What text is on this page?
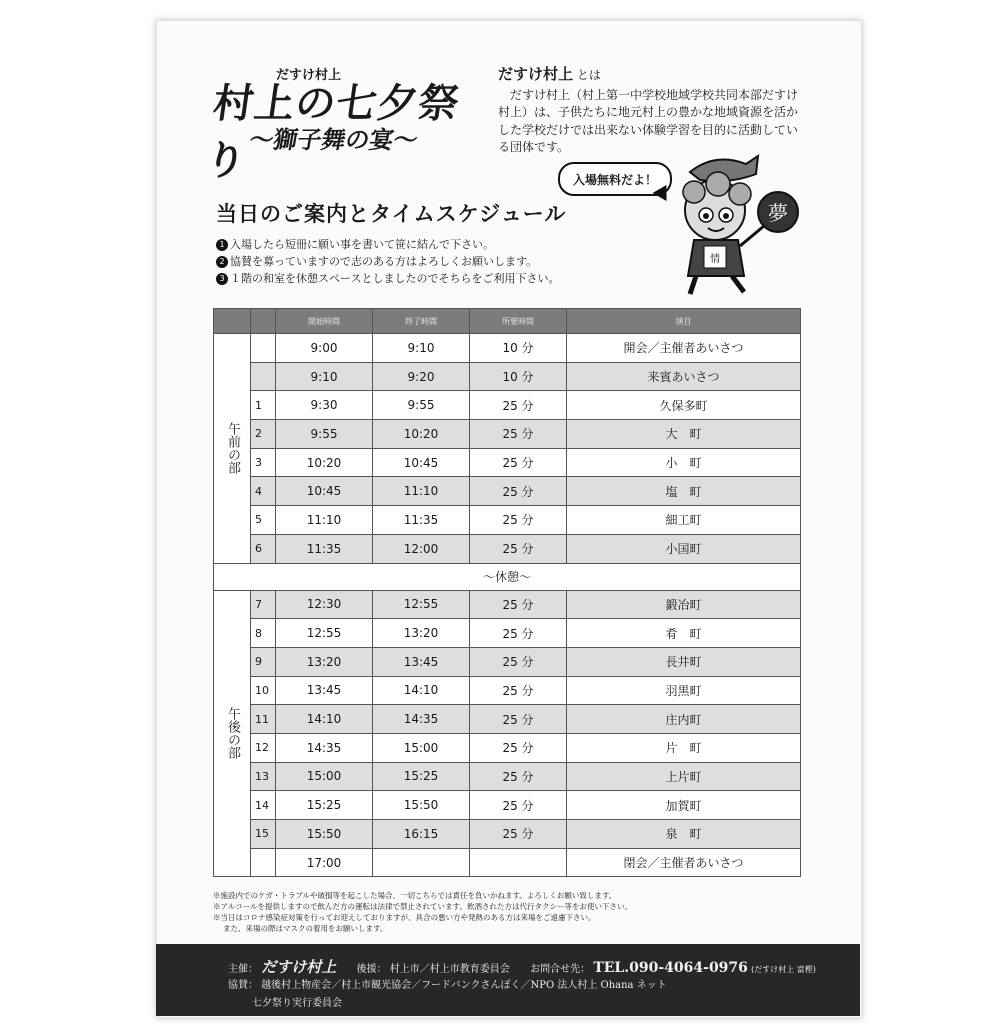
だすけ村上
村上の七夕祭り
〜獅子舞の宴〜
だすけ村上 とは
だすけ村上（村上第一中学校地域学校共同本部だすけ村上）は、子供たちに地元村上の豊かな地域資源を活かした学校だけでは出来ない体験学習を目的に活動している団体です。
入場無料だよ！
情
夢
当日のご案内とタイムスケジュール
1 入場したら短冊に願い事を書いて笹に結んで下さい。
2 協賛を募っていますので志のある方はよろしくお願いします。
3 １階の和室を休憩スペースとしましたのでそちらをご利用下さい。
		開始時間	終了時間	所要時間	演目
午前の部		9:00	9:10	10 分	開会／主催者あいさつ
		9:10	9:20	10 分	来賓あいさつ
	1	9:30	9:55	25 分	久保多町
	2	9:55	10:20	25 分	大　町
	3	10:20	10:45	25 分	小　町
	4	10:45	11:10	25 分	塩　町
	5	11:10	11:35	25 分	細工町
	6	11:35	12:00	25 分	小国町
〜休憩〜					
午後の部	7	12:30	12:55	25 分	鍛冶町
	8	12:55	13:20	25 分	肴　町
	9	13:20	13:45	25 分	長井町
	10	13:45	14:10	25 分	羽黒町
	11	14:10	14:35	25 分	庄内町
	12	14:35	15:00	25 分	片　町
	13	15:00	15:25	25 分	上片町
	14	15:25	15:50	25 分	加賀町
	15	15:50	16:15	25 分	泉　町
		17:00			閉会／主催者あいさつ
※施設内でのケガ・トラブルや破損等を起こした場合、一切こちらでは責任を負いかねます。よろしくお願い致します。
※アルコールを提供しますので飲んだ方の運転は法律で禁止されています。飲酒された方は代行タクシー等をお使い下さい。
※当日はコロナ感染症対策を行ってお迎えしておりますが、具合の悪い方や発熱のある方は来場をご遠慮下さい。
また、来場の際はマスクの着用をお願いします。
主催： だすけ村上 後援： 村上市／村上市教育委員会 お問合せ先： TEL.090-4064-0976 (だすけ村上 富樫)
協賛： 越後村上物産会／村上市観光協会／フードバンクさんぽく／NPO 法人村上 Ohana ネット
七夕祭り実行委員会
